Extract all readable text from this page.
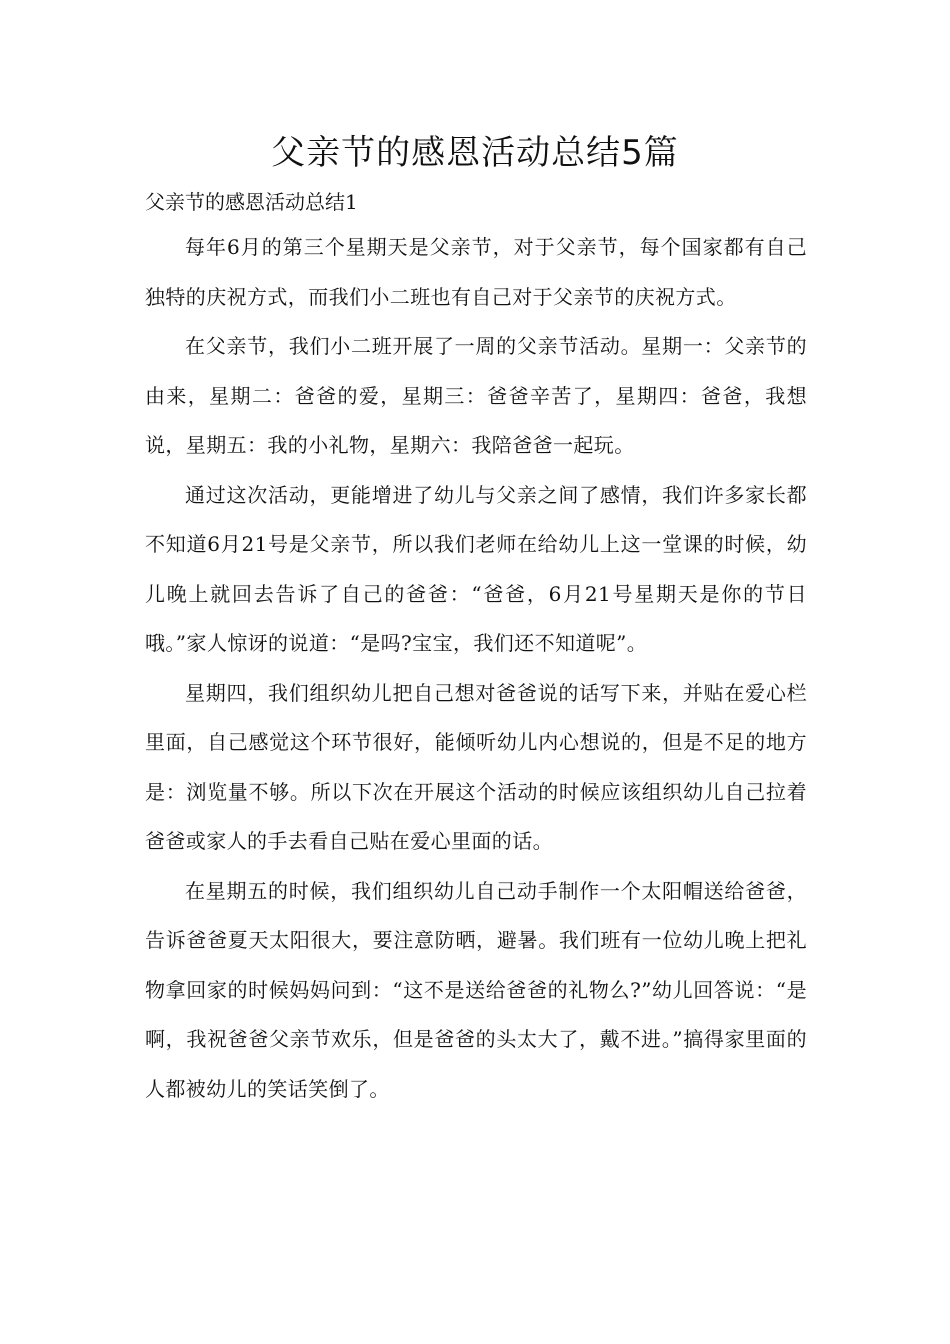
父亲节的感恩活动总结5篇

父亲节的感恩活动总结1

每年6月的第三个星期天是父亲节，对于父亲节，每个国家都有自己独特的庆祝方式，而我们小二班也有自己对于父亲节的庆祝方式。

在父亲节，我们小二班开展了一周的父亲节活动。星期一：父亲节的由来，星期二：爸爸的爱，星期三：爸爸辛苦了，星期四：爸爸，我想说，星期五：我的小礼物，星期六：我陪爸爸一起玩。

通过这次活动，更能增进了幼儿与父亲之间了感情，我们许多家长都不知道6月21号是父亲节，所以我们老师在给幼儿上这一堂课的时候，幼儿晚上就回去告诉了自己的爸爸：“爸爸，6月21号星期天是你的节日哦。”家人惊讶的说道：“是吗?宝宝，我们还不知道呢”。

星期四，我们组织幼儿把自己想对爸爸说的话写下来，并贴在爱心栏里面，自己感觉这个环节很好，能倾听幼儿内心想说的，但是不足的地方是：浏览量不够。所以下次在开展这个活动的时候应该组织幼儿自己拉着爸爸或家人的手去看自己贴在爱心里面的话。

在星期五的时候，我们组织幼儿自己动手制作一个太阳帽送给爸爸，告诉爸爸夏天太阳很大，要注意防晒，避暑。我们班有一位幼儿晚上把礼物拿回家的时候妈妈问到：“这不是送给爸爸的礼物么?”幼儿回答说：“是啊，我祝爸爸父亲节欢乐，但是爸爸的头太大了，戴不进。”搞得家里面的人都被幼儿的笑话笑倒了。
